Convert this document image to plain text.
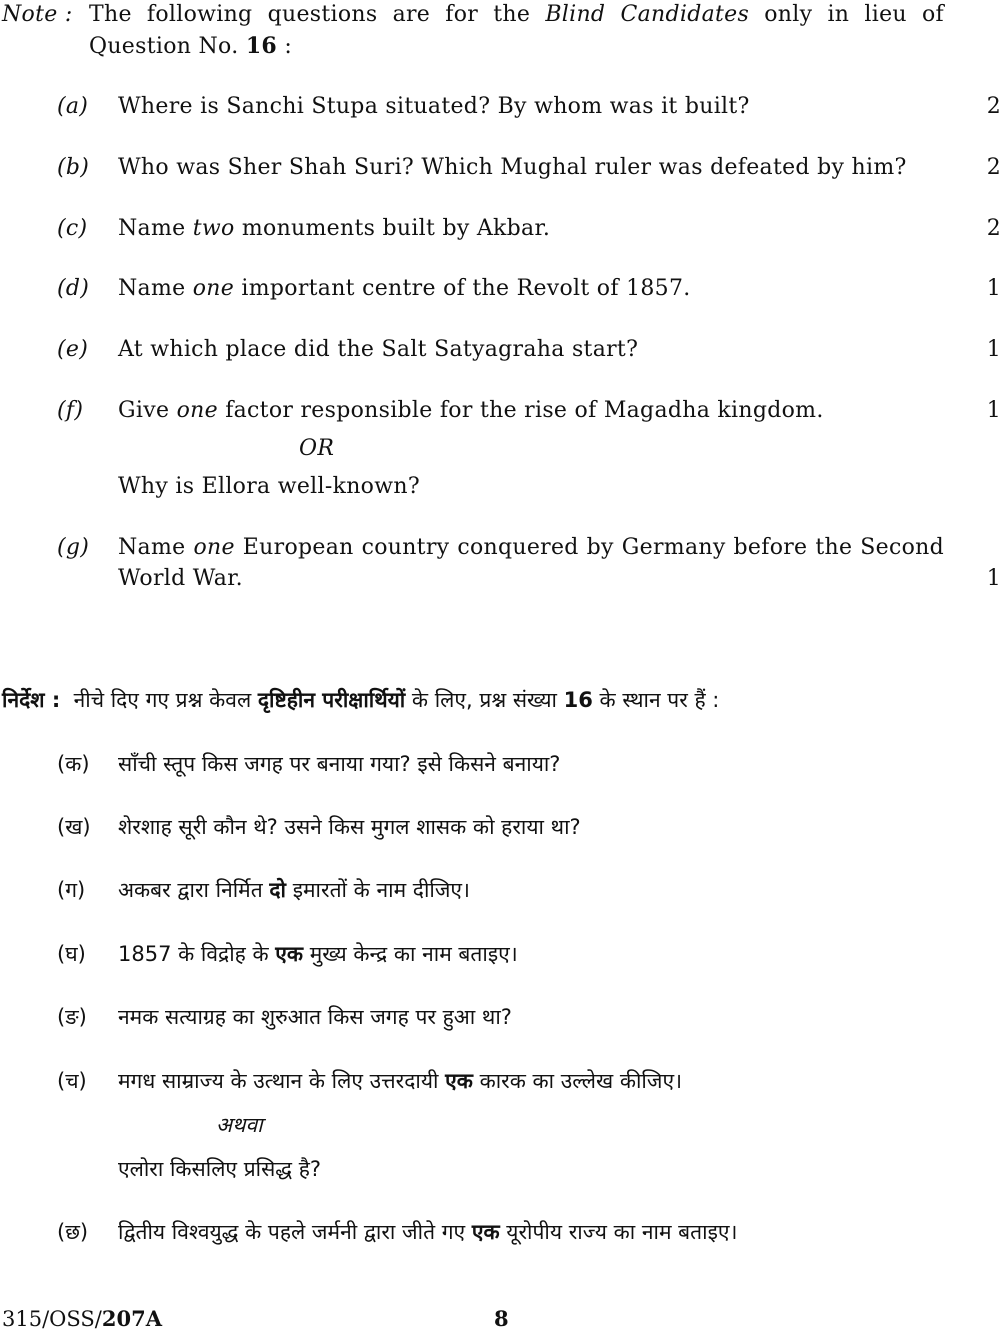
Note : The following questions are for the Blind Candidates only in lieu of
Question No. 16 :
(a) Where is Sanchi Stupa situated? By whom was it built?	2
(b) Who was Sher Shah Suri? Which Mughal ruler was defeated by him?	2
(c) Name two monuments built by Akbar.	2
(d) Name one important centre of the Revolt of 1857.	1
(e) At which place did the Salt Satyagraha start?	1
(f) Give one factor responsible for the rise of Magadha kingdom.	1
OR
Why is Ellora well-known?
(g) Name one European country conquered by Germany before the Second
World War.	1
निर्देश : नीचे दिए गए प्रश्न केवल दृष्टिहीन परीक्षार्थियों के लिए, प्रश्न संख्या 16 के स्थान पर हैं :
(क) साँची स्तूप किस जगह पर बनाया गया? इसे किसने बनाया?
(ख) शेरशाह सूरी कौन थे? उसने किस मुगल शासक को हराया था?
(ग) अकबर द्वारा निर्मित दो इमारतों के नाम दीजिए।
(घ) 1857 के विद्रोह के एक मुख्य केन्द्र का नाम बताइए।
(ङ) नमक सत्याग्रह का शुरुआत किस जगह पर हुआ था?
(च) मगध साम्राज्य के उत्थान के लिए उत्तरदायी एक कारक का उल्लेख कीजिए।
अथवा
एलोरा किसलिए प्रसिद्ध है?
(छ) द्वितीय विश्वयुद्ध के पहले जर्मनी द्वारा जीते गए एक यूरोपीय राज्य का नाम बताइए।
315/OSS/207A	8
